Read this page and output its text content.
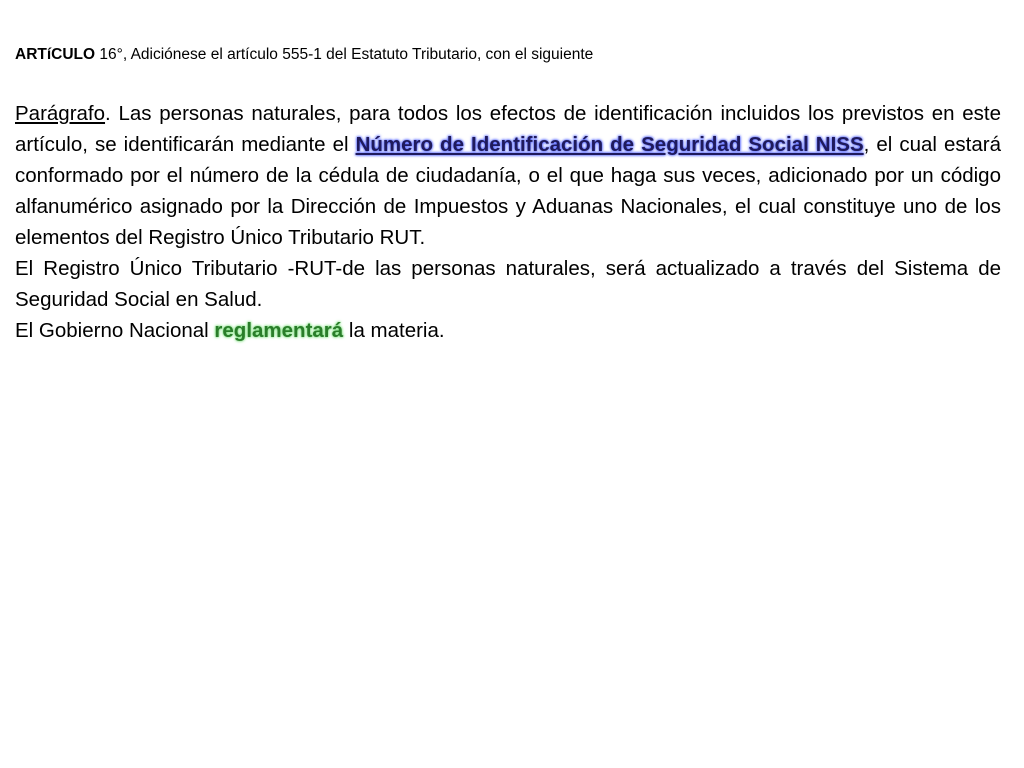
ARTíCULO 16°, Adiciónese el artículo 555-1 del Estatuto Tributario, con el siguiente

Parágrafo. Las personas naturales, para todos los efectos de identificación incluidos los previstos en este artículo, se identificarán mediante el Número de Identificación de Seguridad Social NISS, el cual estará conformado por el número de la cédula de ciudadanía, o el que haga sus veces, adicionado por un código alfanumérico asignado por la Dirección de Impuestos y Aduanas Nacionales, el cual constituye uno de los elementos del Registro Único Tributario RUT.

El Registro Único Tributario -RUT-de las personas naturales, será actualizado a través del Sistema de Seguridad Social en Salud.

El Gobierno Nacional reglamentará la materia.
